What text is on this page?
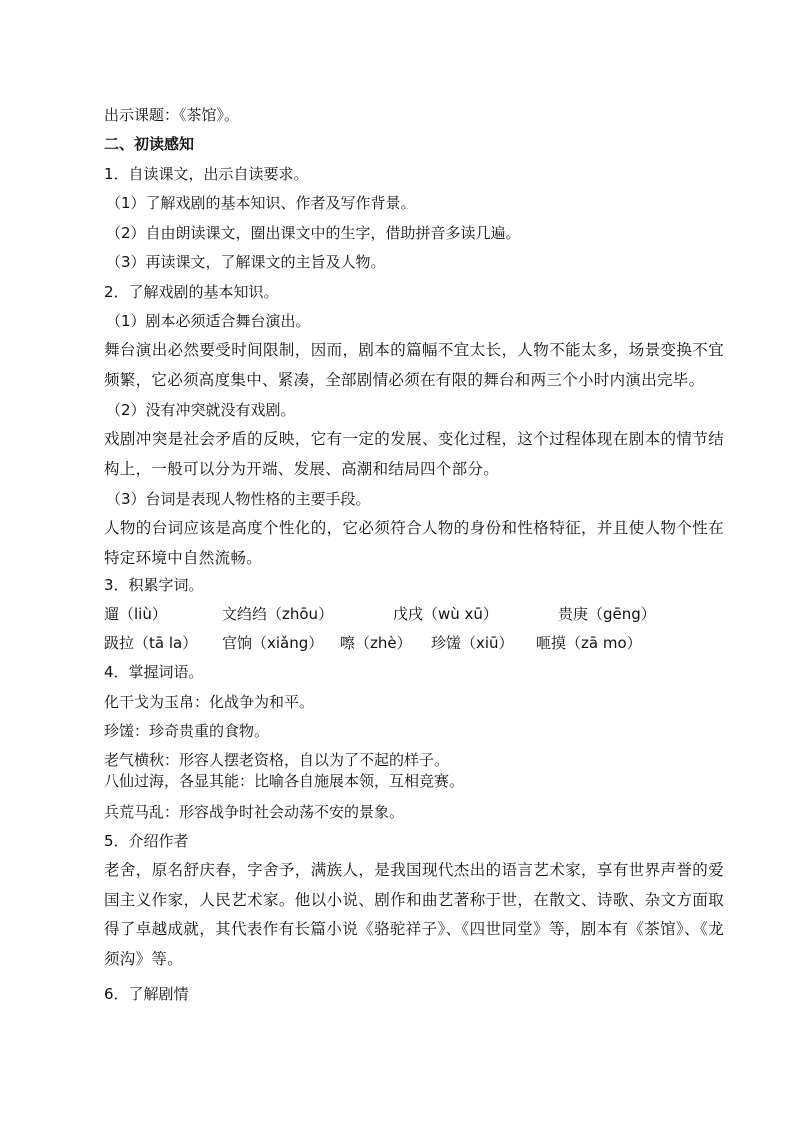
出示课题：《茶馆》。
二、初读感知
1．自读课文，出示自读要求。
（1）了解戏剧的基本知识、作者及写作背景。
（2）自由朗读课文，圈出课文中的生字，借助拼音多读几遍。
（3）再读课文，了解课文的主旨及人物。
2．了解戏剧的基本知识。
（1）剧本必须适合舞台演出。
舞台演出必然要受时间限制，因而，剧本的篇幅不宜太长，人物不能太多，场景变换不宜频繁，它必须高度集中、紧凑，全部剧情必须在有限的舞台和两三个小时内演出完毕。
（2）没有冲突就没有戏剧。
戏剧冲突是社会矛盾的反映，它有一定的发展、变化过程，这个过程体现在剧本的情节结构上，一般可以分为开端、发展、高潮和结局四个部分。
（3）台词是表现人物性格的主要手段。
人物的台词应该是高度个性化的，它必须符合人物的身份和性格特征，并且使人物个性在特定环境中自然流畅。
3．积累字词。
遛（liù）	文绉绉（zhōu）	戊戌（wù xū）	贵庚（gēng）
趿拉（tā la） 官饷（xiǎng） 嚓（zhè） 珍馐（xiū） 咂摸（zā mo）
4．掌握词语。
化干戈为玉帛：化战争为和平。
珍馐：珍奇贵重的食物。
老气横秋：形容人摆老资格，自以为了不起的样子。
八仙过海，各显其能：比喻各自施展本领，互相竞赛。
兵荒马乱：形容战争时社会动荡不安的景象。
5．介绍作者
老舍，原名舒庆春，字舍予，满族人，是我国现代杰出的语言艺术家，享有世界声誉的爱国主义作家，人民艺术家。他以小说、剧作和曲艺著称于世，在散文、诗歌、杂文方面取得了卓越成就，其代表作有长篇小说《骆驼祥子》、《四世同堂》等，剧本有《茶馆》、《龙须沟》等。
6．了解剧情
